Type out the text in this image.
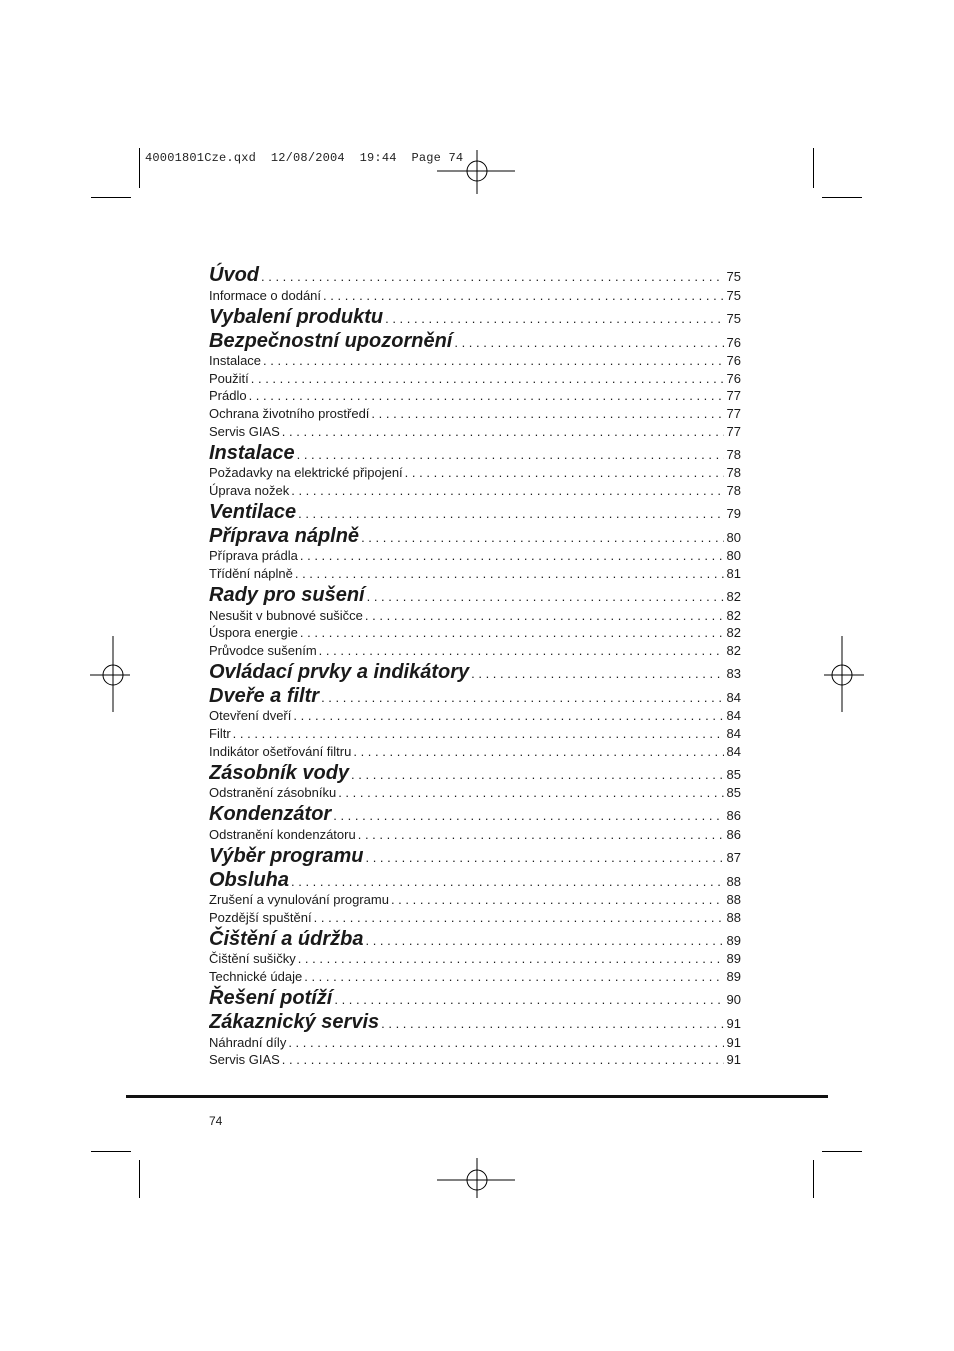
40001801Cze.qxd  12/08/2004  19:44  Page 74
Úvod . . .	75
Informace o dodání . . .	75
Vybalení produktu . . .	75
Bezpečnostní upozornění . . .	76
Instalace . . .	76
Použití . . .	76
Prádlo . . .	77
Ochrana životního prostředí . . .	77
Servis GIAS . . .	77
Instalace . . .	78
Požadavky na elektrické připojení . . .	78
Úprava nožek . . .	78
Ventilace . . .	79
Příprava náplně . . .	80
Příprava prádla . . .	80
Třídění náplně . . .	81
Rady pro sušení . . .	82
Nesušit v bubnové sušičce . . .	82
Úspora energie . . .	82
Průvodce sušením . . .	82
Ovládací prvky a indikátory . . .	83
Dveře a filtr . . .	84
Otevření dveří . . .	84
Filtr . . .	84
Indikátor ošetřování filtru . . .	84
Zásobník vody . . .	85
Odstranění zásobníku . . .	85
Kondenzátor . . .	86
Odstranění kondenzátoru . . .	86
Výběr programu . . .	87
Obsluha . . .	88
Zrušení a vynulování programu . . .	88
Pozdější spuštění . . .	88
Čištění a údržba . . .	89
Čištění sušičky . . .	89
Technické údaje . . .	89
Řešení potíží . . .	90
Zákaznický servis . . .	91
Náhradní díly . . .	91
Servis GIAS . . .	91
74
